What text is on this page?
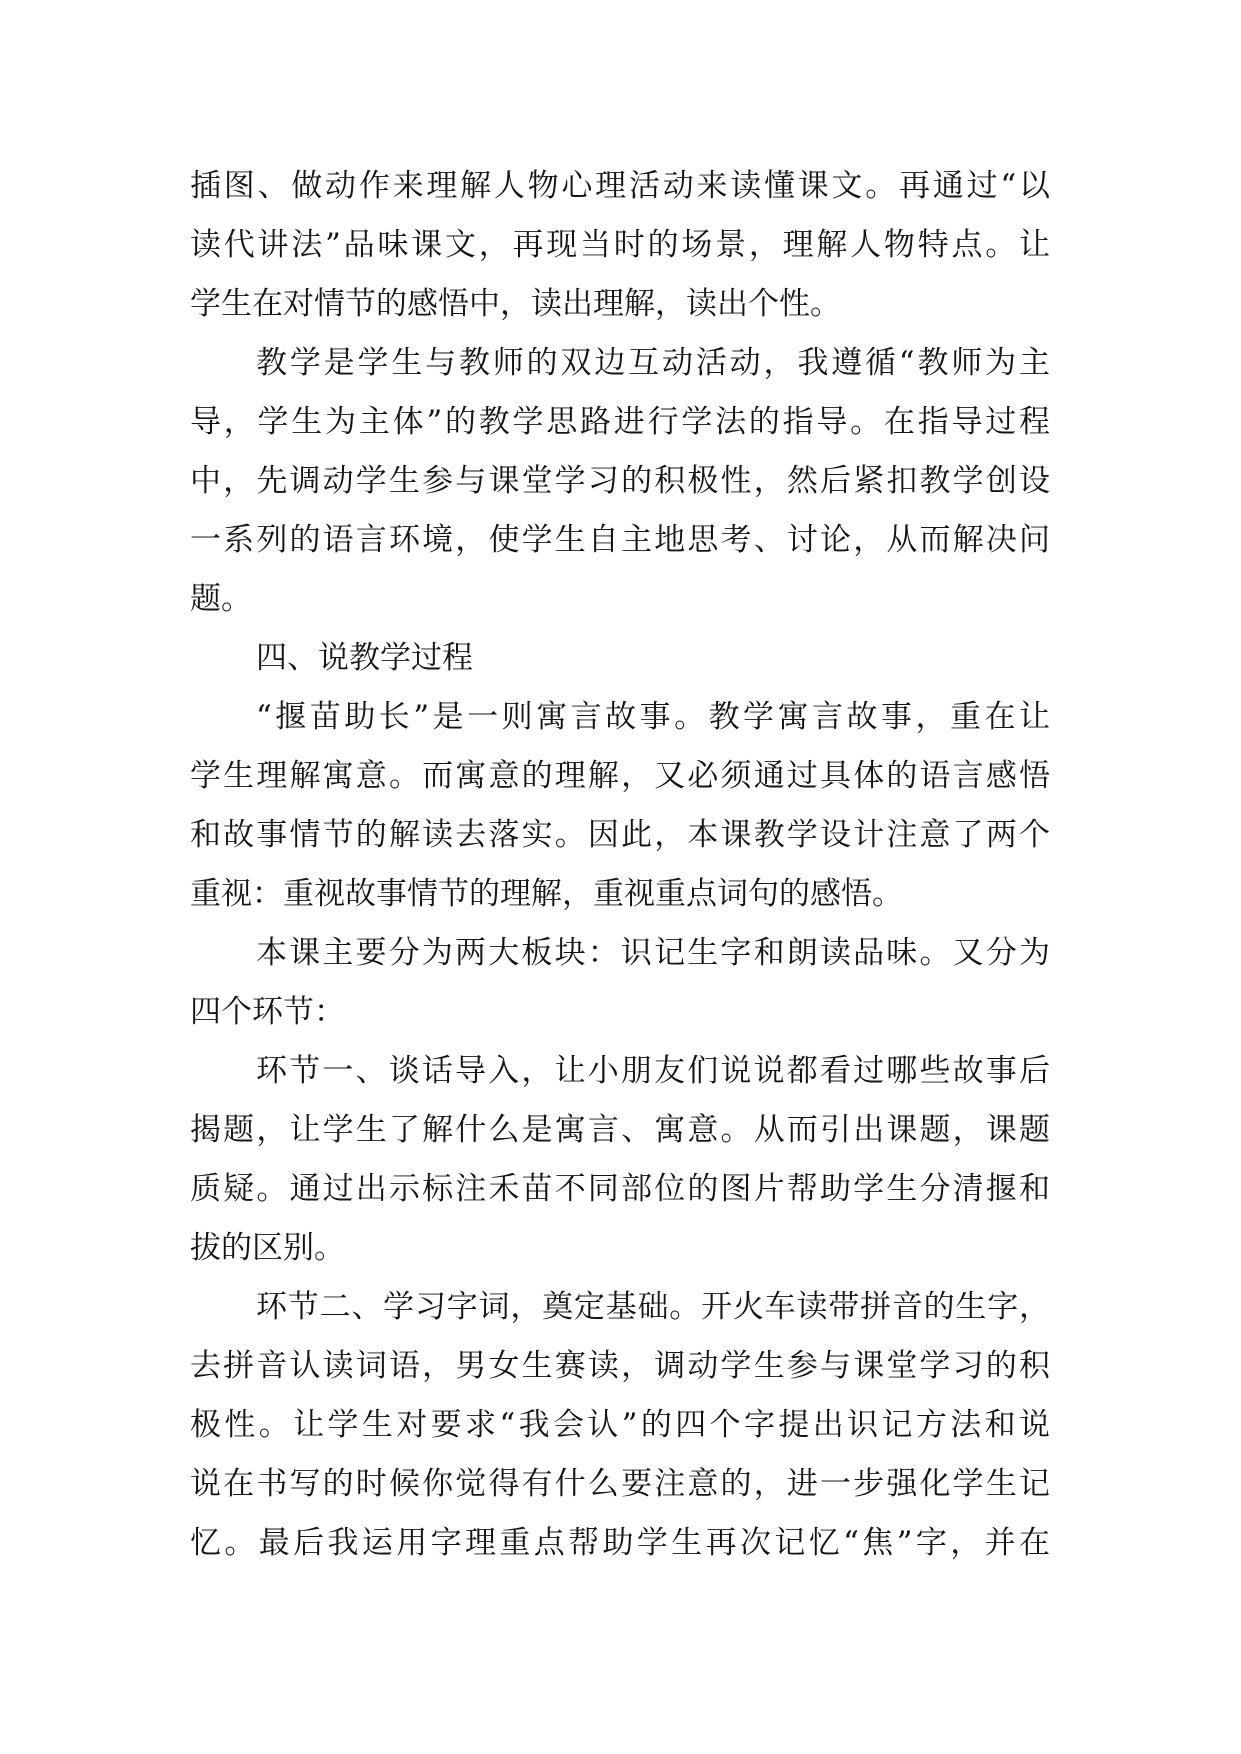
插图、做动作来理解人物心理活动来读懂课文。再通过“以
读代讲法”品味课文，再现当时的场景，理解人物特点。让
学生在对情节的感悟中，读出理解，读出个性。
教学是学生与教师的双边互动活动，我遵循“教师为主
导，学生为主体”的教学思路进行学法的指导。在指导过程
中，先调动学生参与课堂学习的积极性，然后紧扣教学创设
一系列的语言环境，使学生自主地思考、讨论，从而解决问
题。
四、说教学过程
“揠苗助长”是一则寓言故事。教学寓言故事，重在让
学生理解寓意。而寓意的理解，又必须通过具体的语言感悟
和故事情节的解读去落实。因此，本课教学设计注意了两个
重视：重视故事情节的理解，重视重点词句的感悟。
本课主要分为两大板块：识记生字和朗读品味。又分为
四个环节：
环节一、谈话导入，让小朋友们说说都看过哪些故事后
揭题，让学生了解什么是寓言、寓意。从而引出课题，课题
质疑。通过出示标注禾苗不同部位的图片帮助学生分清揠和
拔的区别。
环节二、学习字词，奠定基础。开火车读带拼音的生字，
去拼音认读词语，男女生赛读，调动学生参与课堂学习的积
极性。让学生对要求“我会认”的四个字提出识记方法和说
说在书写的时候你觉得有什么要注意的，进一步强化学生记
忆。最后我运用字理重点帮助学生再次记忆“焦”字，并在
